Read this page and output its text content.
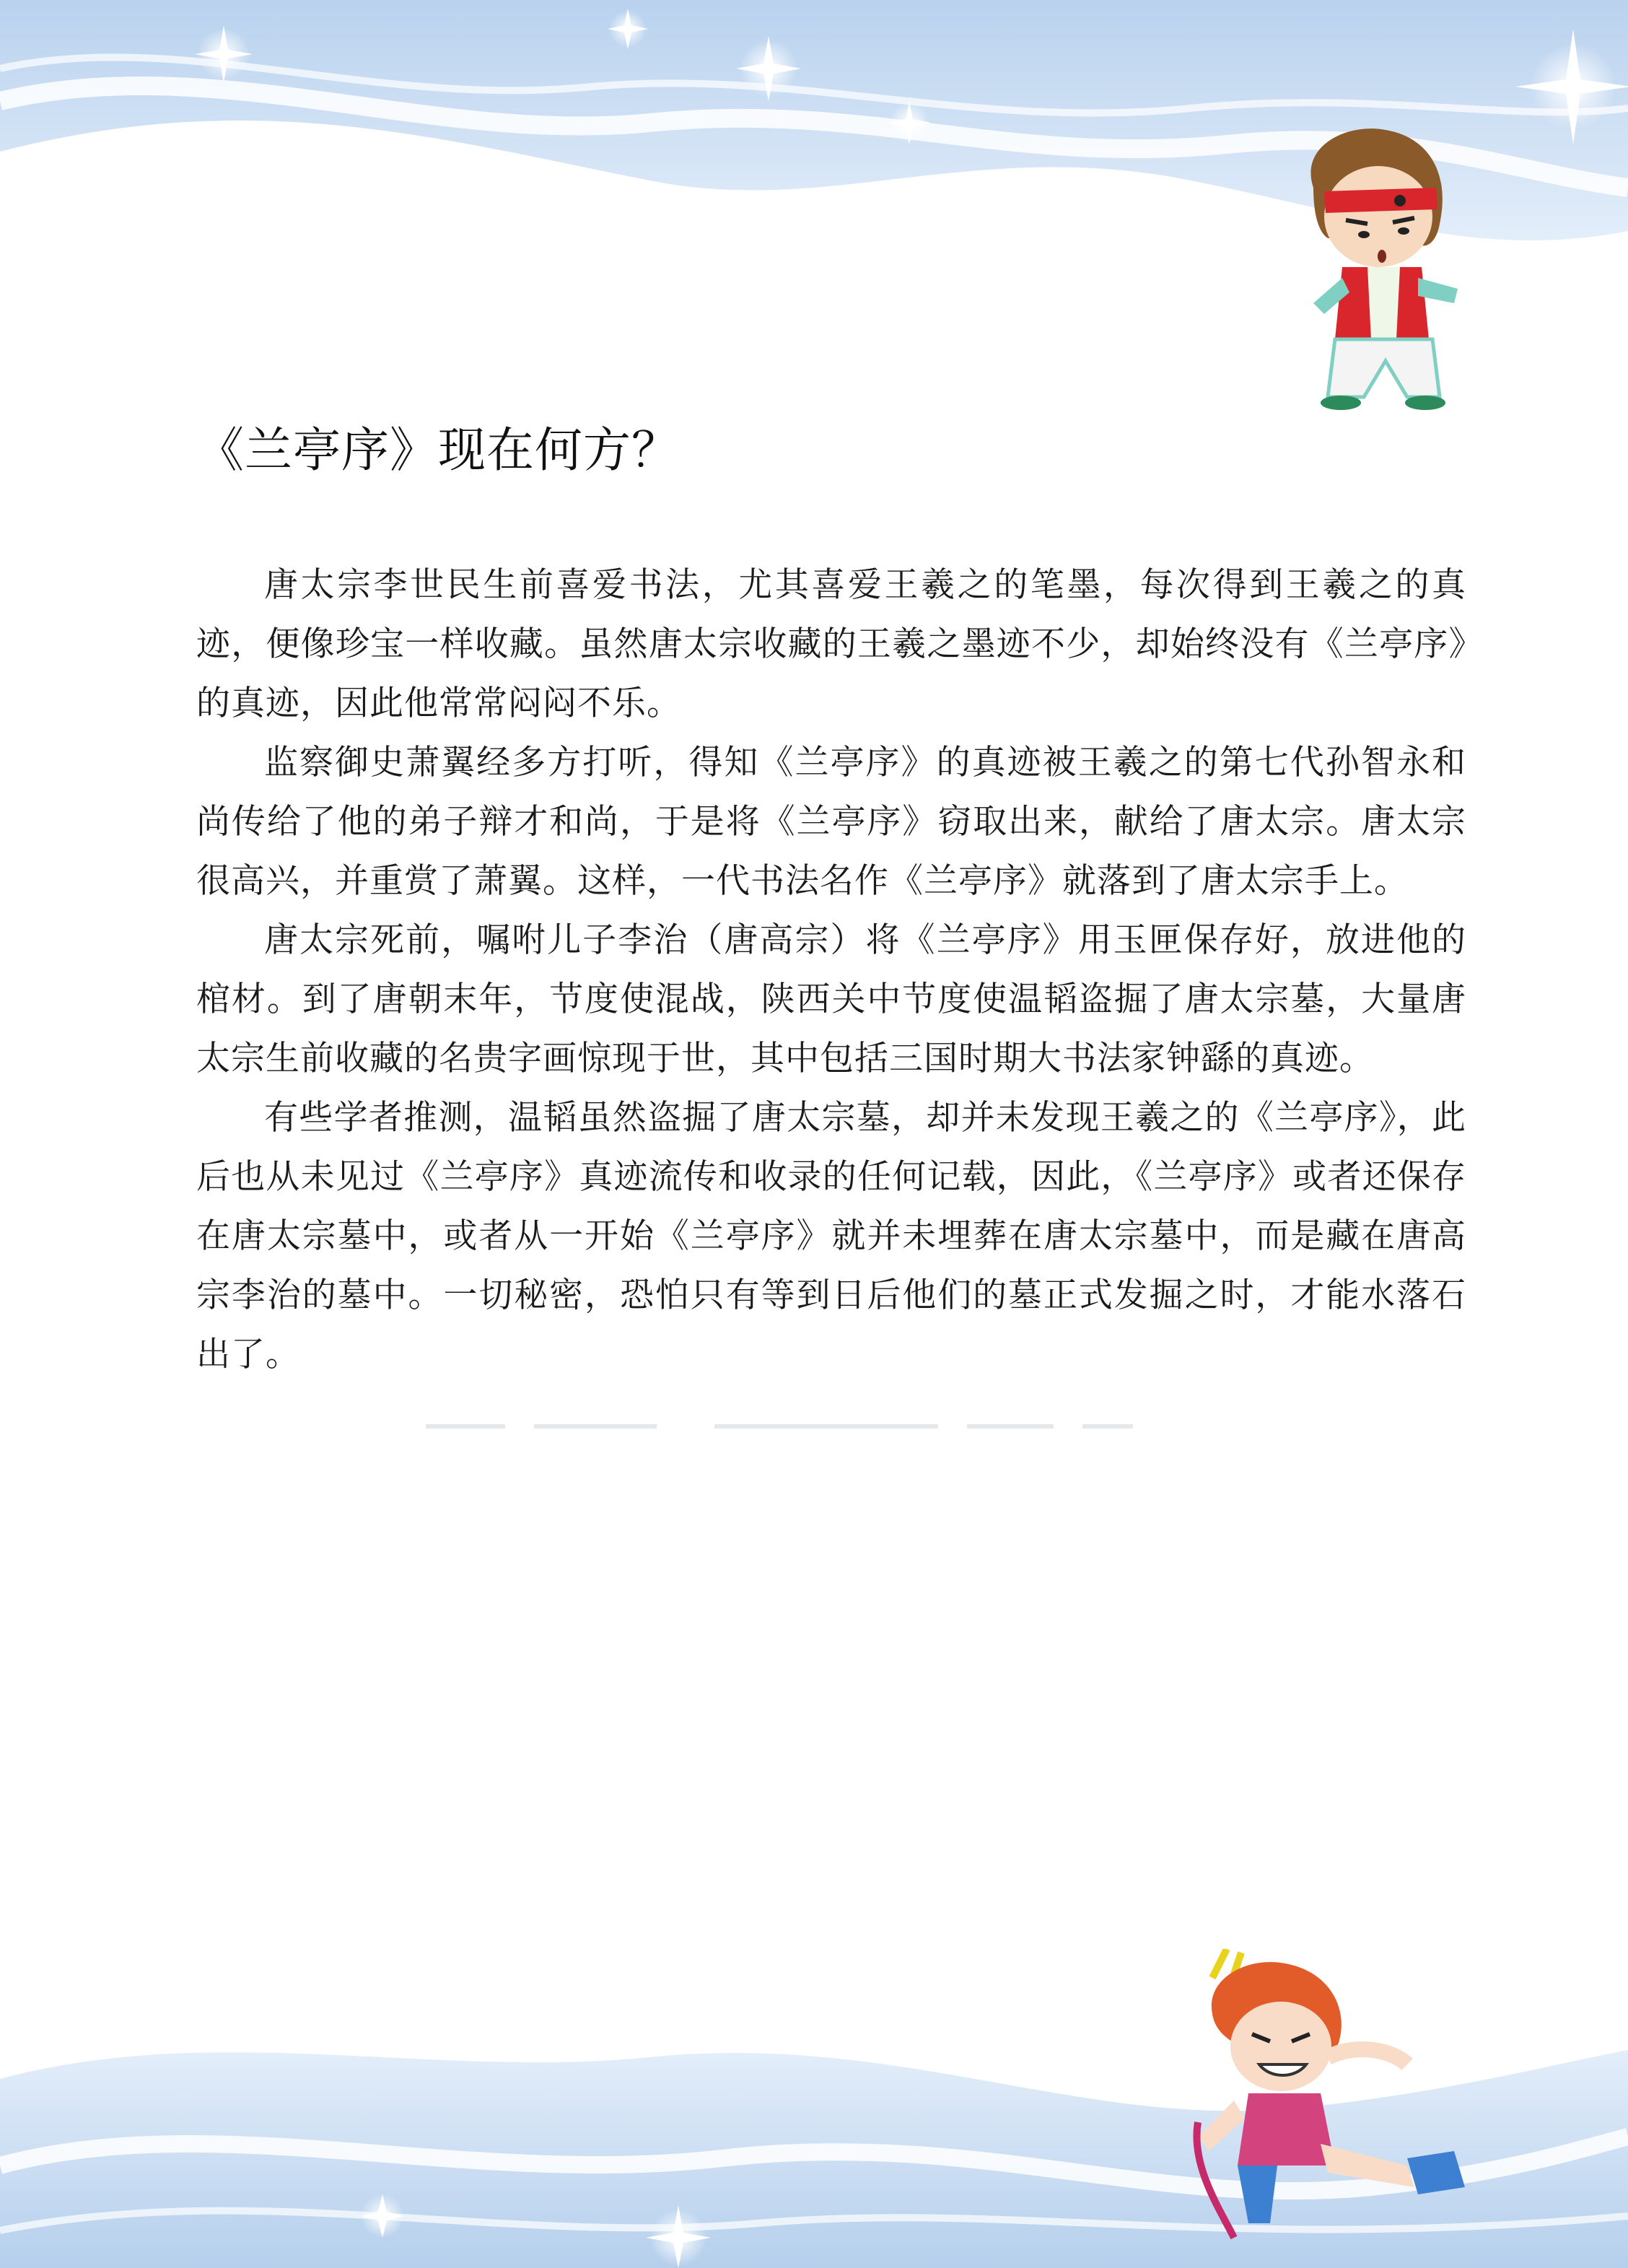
《兰亭序》现在何方？

唐太宗李世民生前喜爱书法，尤其喜爱王羲之的笔墨，每次得到王羲之的真迹，便像珍宝一样收藏。虽然唐太宗收藏的王羲之墨迹不少，却始终没有《兰亭序》的真迹，因此他常常闷闷不乐。

监察御史萧翼经多方打听，得知《兰亭序》的真迹被王羲之的第七代孙智永和尚传给了他的弟子辩才和尚，于是将《兰亭序》窃取出来，献给了唐太宗。唐太宗很高兴，并重赏了萧翼。这样，一代书法名作《兰亭序》就落到了唐太宗手上。

唐太宗死前，嘱咐儿子李治（唐高宗）将《兰亭序》用玉匣保存好，放进他的棺材。到了唐朝末年，节度使混战，陕西关中节度使温韬盗掘了唐太宗墓，大量唐太宗生前收藏的名贵字画惊现于世，其中包括三国时期大书法家钟繇的真迹。

有些学者推测，温韬虽然盗掘了唐太宗墓，却并未发现王羲之的《兰亭序》，此后也从未见过《兰亭序》真迹流传和收录的任何记载，因此，《兰亭序》或者还保存在唐太宗墓中，或者从一开始《兰亭序》就并未埋葬在唐太宗墓中，而是藏在唐高宗李治的墓中。一切秘密，恐怕只有等到日后他们的墓正式发掘之时，才能水落石出了。
